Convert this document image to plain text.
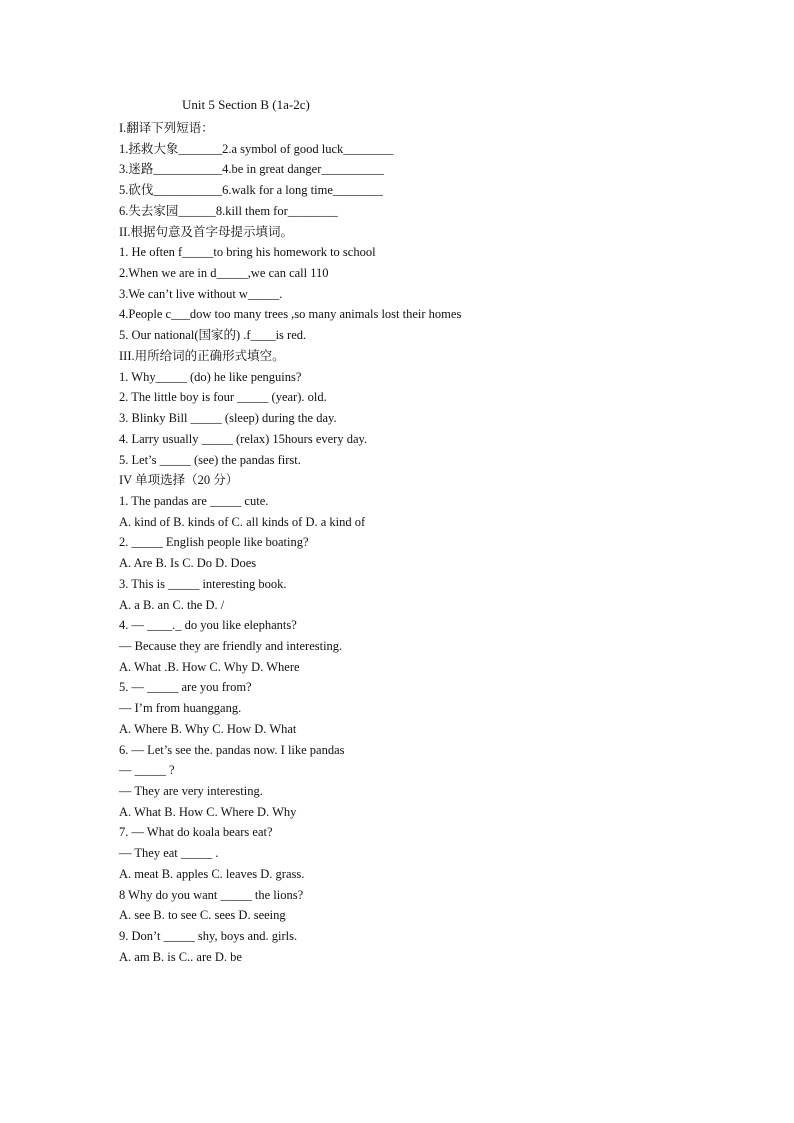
Unit 5 Section B (1a-2c)
I.翻译下列短语：
1.拯救大象_______2.a symbol of good luck________
3.迷路___________4.be in great danger__________
5.砍伐___________6.walk for a long time________
6.失去家园______8.kill them for________
II.根据句意及首字母提示填词。
1. He often f_____to bring his homework to school
2.When we are in d_____,we can call 110
3.We can’t live without w_____.
4.People c___dow too many trees ,so many animals lost their homes
5. Our national(国家的) .f____is red.
III.用所给词的正确形式填空。
1. Why_____ (do) he like penguins?
2. The little boy is four _____ (year). old.
3. Blinky Bill _____ (sleep) during the day.
4. Larry usually _____ (relax) 15hours every day.
5. Let’s _____ (see) the pandas first.
IV 单项选择（20 分）
1. The pandas are _____ cute.
A. kind of B. kinds of C. all kinds of D. a kind of
2. _____ English people like boating?
A. Are B. Is C. Do D. Does
3. This is _____ interesting book.
A. a B. an C. the D. /
4. — ____._ do you like elephants?
— Because they are friendly and interesting.
A. What .B. How C. Why D. Where
5. — _____ are you from?
— I’m from huanggang.
A. Where B. Why C. How D. What
6. — Let’s see the. pandas now. I like pandas
— _____ ?
— They are very interesting.
A. What B. How C. Where D. Why
7. — What do koala bears eat?
— They eat _____ .
A. meat B. apples C. leaves D. grass.
8 Why do you want _____ the lions?
A. see B. to see C. sees D. seeing
9. Don’t _____ shy, boys and. girls.
A. am B. is C.. are D. be
